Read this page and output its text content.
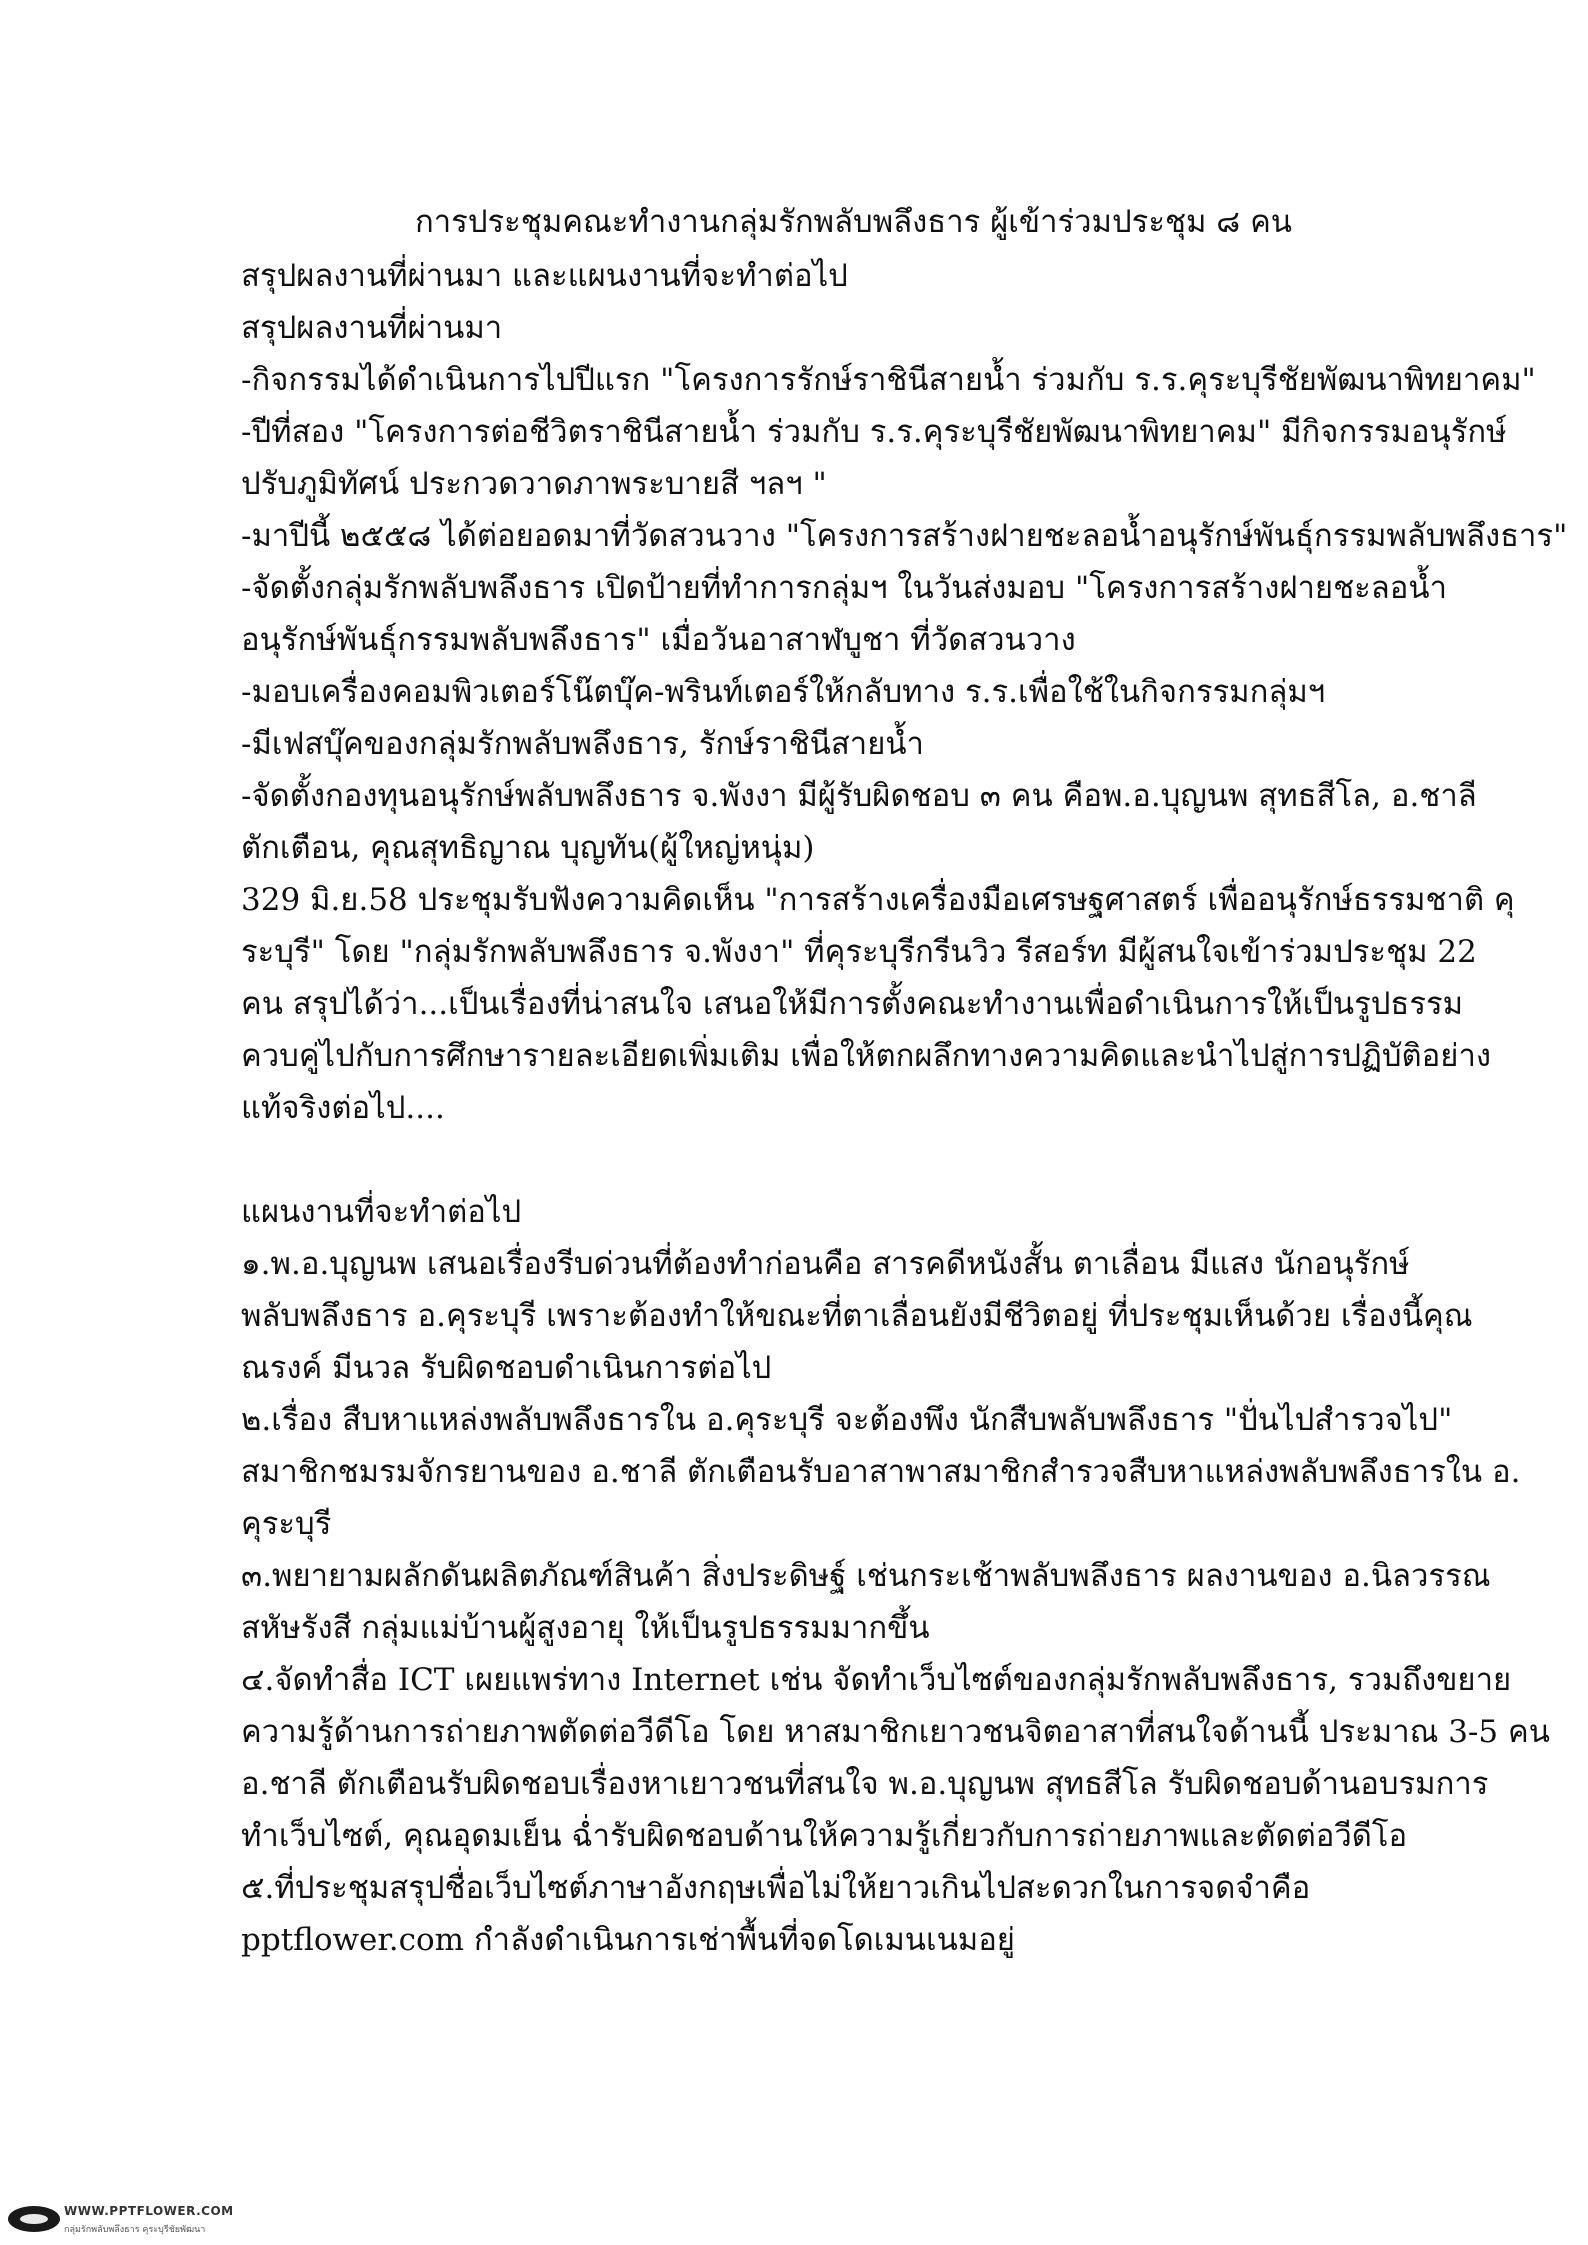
การประชุมคณะทำงานกลุ่มรักพลับพลึงธาร ผู้เข้าร่วมประชุม ๘ คน
สรุปผลงานที่ผ่านมา และแผนงานที่จะทำต่อไป
สรุปผลงานที่ผ่านมา
-กิจกรรมได้ดำเนินการไปปีแรก "โครงการรักษ์ราชินีสายน้ำ ร่วมกับ ร.ร.คุระบุรีชัยพัฒนาพิทยาคม"
-ปีที่สอง "โครงการต่อชีวิตราชินีสายน้ำ ร่วมกับ ร.ร.คุระบุรีชัยพัฒนาพิทยาคม" มีกิจกรรมอนุรักษ์
ปรับภูมิทัศน์ ประกวดวาดภาพระบายสี ฯลฯ "
-มาปีนี้ ๒๕๕๘ ได้ต่อยอดมาที่วัดสวนวาง "โครงการสร้างฝายชะลอน้ำอนุรักษ์พันธุ์กรรมพลับพลึงธาร"
-จัดตั้งกลุ่มรักพลับพลึงธาร เปิดป้ายที่ทำการกลุ่มฯ ในวันส่งมอบ "โครงการสร้างฝายชะลอน้ำ
อนุรักษ์พันธุ์กรรมพลับพลึงธาร" เมื่อวันอาสาฬบูชา ที่วัดสวนวาง
-มอบเครื่องคอมพิวเตอร์โน๊ตบุ๊ค-พรินท์เตอร์ให้กลับทาง ร.ร.เพื่อใช้ในกิจกรรมกลุ่มฯ
-มีเฟสบุ๊คของกลุ่มรักพลับพลึงธาร, รักษ์ราชินีสายน้ำ
-จัดตั้งกองทุนอนุรักษ์พลับพลึงธาร จ.พังงา มีผู้รับผิดชอบ ๓ คน คือพ.อ.บุญนพ สุทธสีโล, อ.ชาลี
ตักเตือน, คุณสุทธิญาณ บุญทัน(ผู้ใหญ่หนุ่ม)
329 มิ.ย.58 ประชุมรับฟังความคิดเห็น "การสร้างเครื่องมือเศรษฐศาสตร์ เพื่ออนุรักษ์ธรรมชาติ คุ
ระบุรี" โดย "กลุ่มรักพลับพลึงธาร จ.พังงา" ที่คุระบุรีกรีนวิว รีสอร์ท มีผู้สนใจเข้าร่วมประชุม 22
คน สรุปได้ว่า...เป็นเรื่องที่น่าสนใจ เสนอให้มีการตั้งคณะทำงานเพื่อดำเนินการให้เป็นรูปธรรม
ควบคู่ไปกับการศึกษารายละเอียดเพิ่มเติม เพื่อให้ตกผลึกทางความคิดและนำไปสู่การปฏิบัติอย่าง
แท้จริงต่อไป....
แผนงานที่จะทำต่อไป
๑.พ.อ.บุญนพ เสนอเรื่องรีบด่วนที่ต้องทำก่อนคือ สารคดีหนังสั้น ตาเลื่อน มีแสง นักอนุรักษ์
พลับพลึงธาร อ.คุระบุรี เพราะต้องทำให้ขณะที่ตาเลื่อนยังมีชีวิตอยู่ ที่ประชุมเห็นด้วย เรื่องนี้คุณ
ณรงค์ มีนวล รับผิดชอบดำเนินการต่อไป
๒.เรื่อง สืบหาแหล่งพลับพลึงธารใน อ.คุระบุรี จะต้องพึง นักสืบพลับพลึงธาร "ปั่นไปสำรวจไป"
สมาชิกชมรมจักรยานของ อ.ชาลี ตักเตือนรับอาสาพาสมาชิกสำรวจสืบหาแหล่งพลับพลึงธารใน อ.
คุระบุรี
๓.พยายามผลักดันผลิตภัณฑ์สินค้า สิ่งประดิษฐ์ เช่นกระเช้าพลับพลึงธาร ผลงานของ อ.นิลวรรณ
สหัษรังสี กลุ่มแม่บ้านผู้สูงอายุ ให้เป็นรูปธรรมมากขึ้น
๔.จัดทำสื่อ ICT เผยแพร่ทาง Internet เช่น จัดทำเว็บไซต์ของกลุ่มรักพลับพลึงธาร, รวมถึงขยาย
ความรู้ด้านการถ่ายภาพตัดต่อวีดีโอ โดย หาสมาชิกเยาวชนจิตอาสาที่สนใจด้านนี้ ประมาณ 3-5 คน
อ.ชาลี ตักเตือนรับผิดชอบเรื่องหาเยาวชนที่สนใจ พ.อ.บุญนพ สุทธสีโล รับผิดชอบด้านอบรมการ
ทำเว็บไซต์, คุณอุดมเย็น ฉ่ำรับผิดชอบด้านให้ความรู้เกี่ยวกับการถ่ายภาพและตัดต่อวีดีโอ
๕.ที่ประชุมสรุปชื่อเว็บไซต์ภาษาอังกฤษเพื่อไม่ให้ยาวเกินไปสะดวกในการจดจำคือ
pptflower.com กำลังดำเนินการเช่าพื้นที่จดโดเมนเนมอยู่
WWW.PPTFLOWER.COM
กลุ่มรักพลับพลึงธาร คุระบุรีชัยพัฒนา
